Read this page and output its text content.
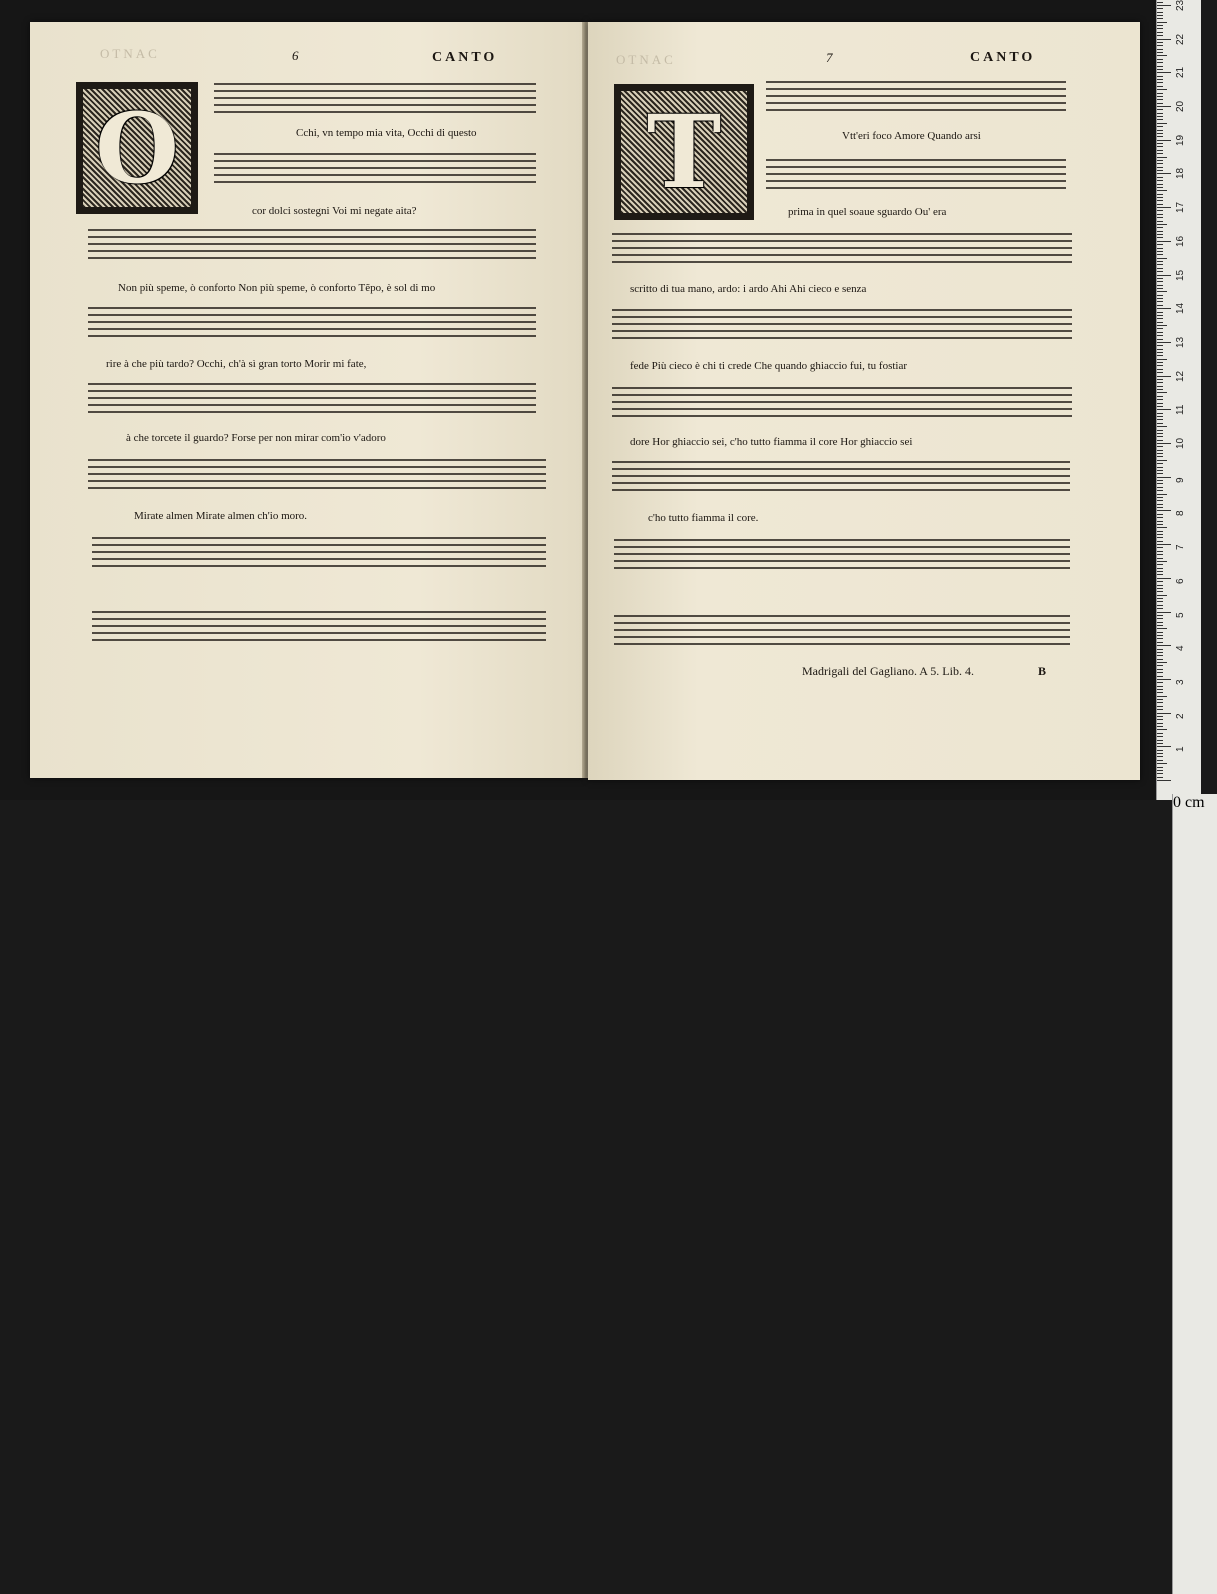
OTNAC	6	CANTO
O	Cchi, vn tempo mia vita, Occhi di questo
cor dolci sostegni Voi mi negate aita?
Non più speme, ò conforto Non più speme, ò conforto Tẽpo, è sol di mo
rire à che più tardo? Occhi, ch'à sì gran torto Morir mi fate,
à che torcete il guardo? Forse per non mirar com'io v'adoro
Mirate almen Mirate almen ch'io moro.
OTNAC	7	CANTO
T	Vtt'eri foco Amore Quando arsi
prima in quel soaue sguardo Ou' era
scritto di tua mano, ardo: i ardo Ahi Ahi cieco e senza
fede Più cieco è chi ti crede Che quando ghiaccio fui, tu fostiar
dore Hor ghiaccio sei, c'ho tutto fiamma il core Hor ghiaccio sei
c'ho tutto fiamma il core.
Madrigali del Gagliano. A 5. Lib. 4.	B
1
2
3
4
5
6
7
8
9
10
11
12
13
14
15
16
17
18
19
20
21
22
23
0 cm
